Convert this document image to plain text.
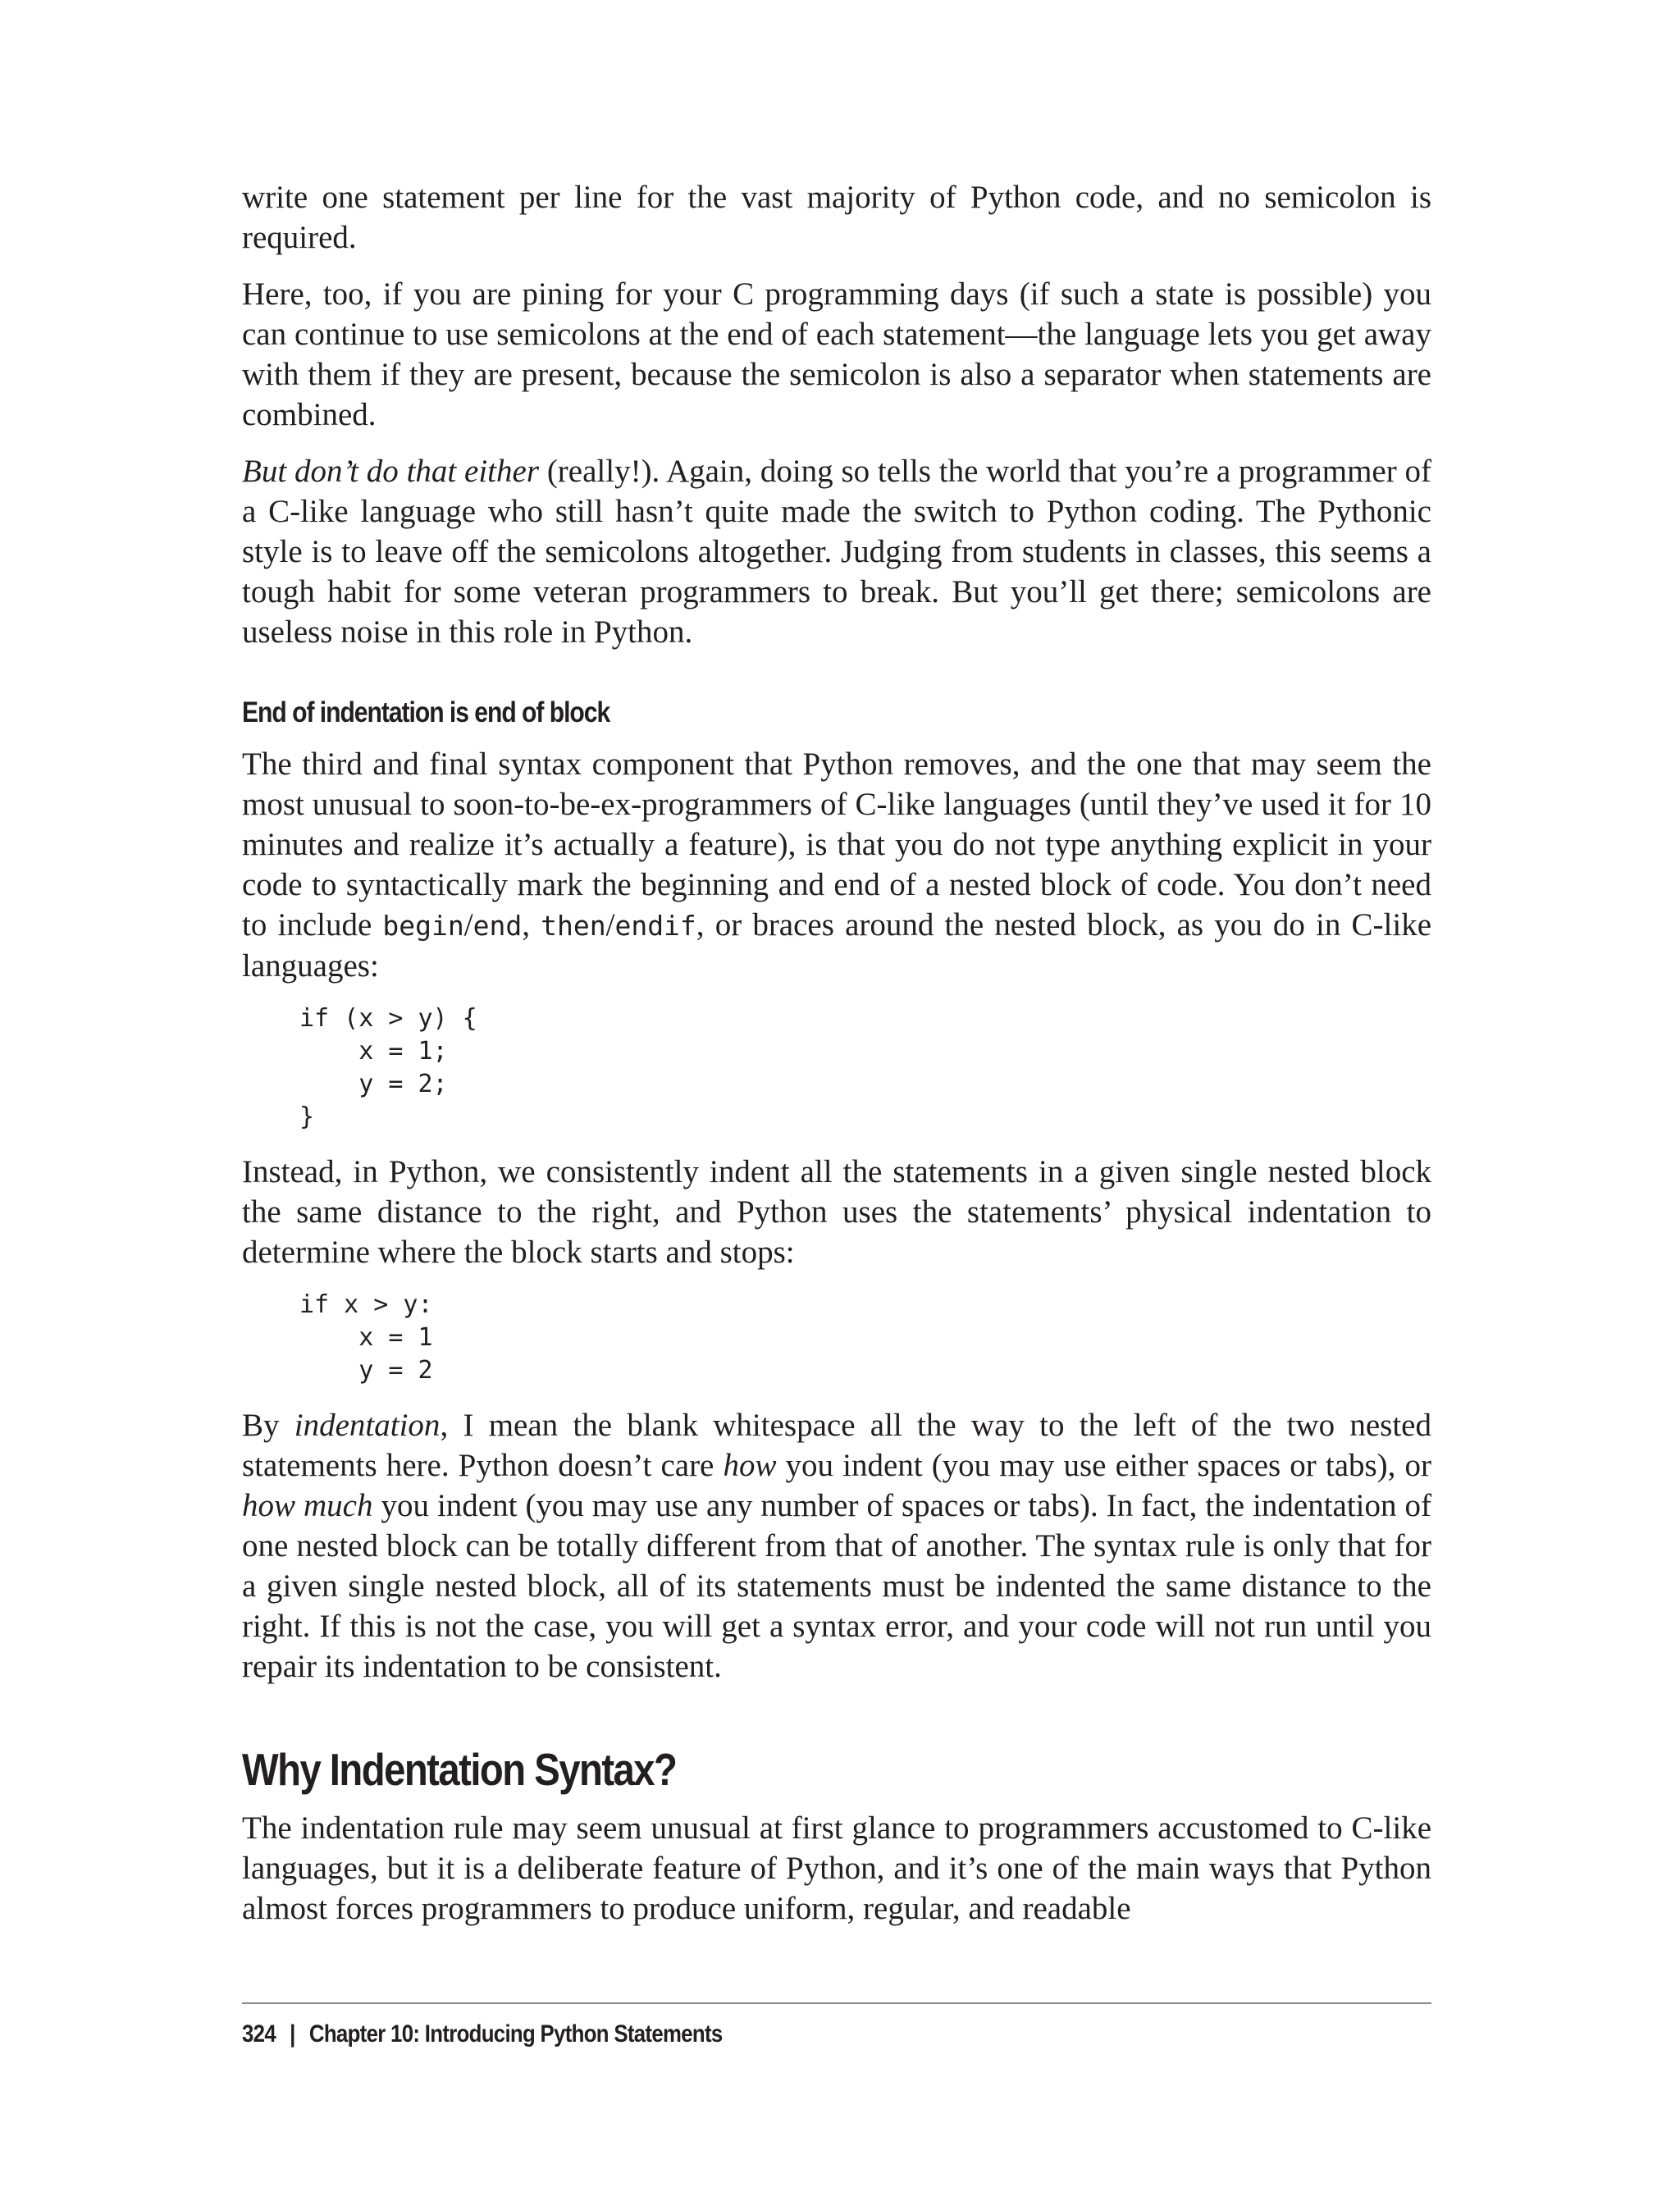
write one statement per line for the vast majority of Python code, and no semicolon is required.

Here, too, if you are pining for your C programming days (if such a state is possible) you can continue to use semicolons at the end of each statement—the language lets you get away with them if they are present, because the semicolon is also a separator when statements are combined.

But don’t do that either (really!). Again, doing so tells the world that you’re a programmer of a C-like language who still hasn’t quite made the switch to Python coding. The Pythonic style is to leave off the semicolons altogether. Judging from students in classes, this seems a tough habit for some veteran programmers to break. But you’ll get there; semicolons are useless noise in this role in Python.

End of indentation is end of block

The third and final syntax component that Python removes, and the one that may seem the most unusual to soon-to-be-ex-programmers of C-like languages (until they’ve used it for 10 minutes and realize it’s actually a feature), is that you do not type anything explicit in your code to syntactically mark the beginning and end of a nested block of code. You don’t need to include begin/end, then/endif, or braces around the nested block, as you do in C-like languages:

if (x > y) {
x = 1;
y = 2;
}

Instead, in Python, we consistently indent all the statements in a given single nested block the same distance to the right, and Python uses the statements’ physical indentation to determine where the block starts and stops:

if x > y:
x = 1
y = 2

By indentation, I mean the blank whitespace all the way to the left of the two nested statements here. Python doesn’t care how you indent (you may use either spaces or tabs), or how much you indent (you may use any number of spaces or tabs). In fact, the indentation of one nested block can be totally different from that of another. The syntax rule is only that for a given single nested block, all of its statements must be indented the same distance to the right. If this is not the case, you will get a syntax error, and your code will not run until you repair its indentation to be consistent.

Why Indentation Syntax?

The indentation rule may seem unusual at first glance to programmers accustomed to C-like languages, but it is a deliberate feature of Python, and it’s one of the main ways that Python almost forces programmers to produce uniform, regular, and readable

324 | Chapter 10: Introducing Python Statements
